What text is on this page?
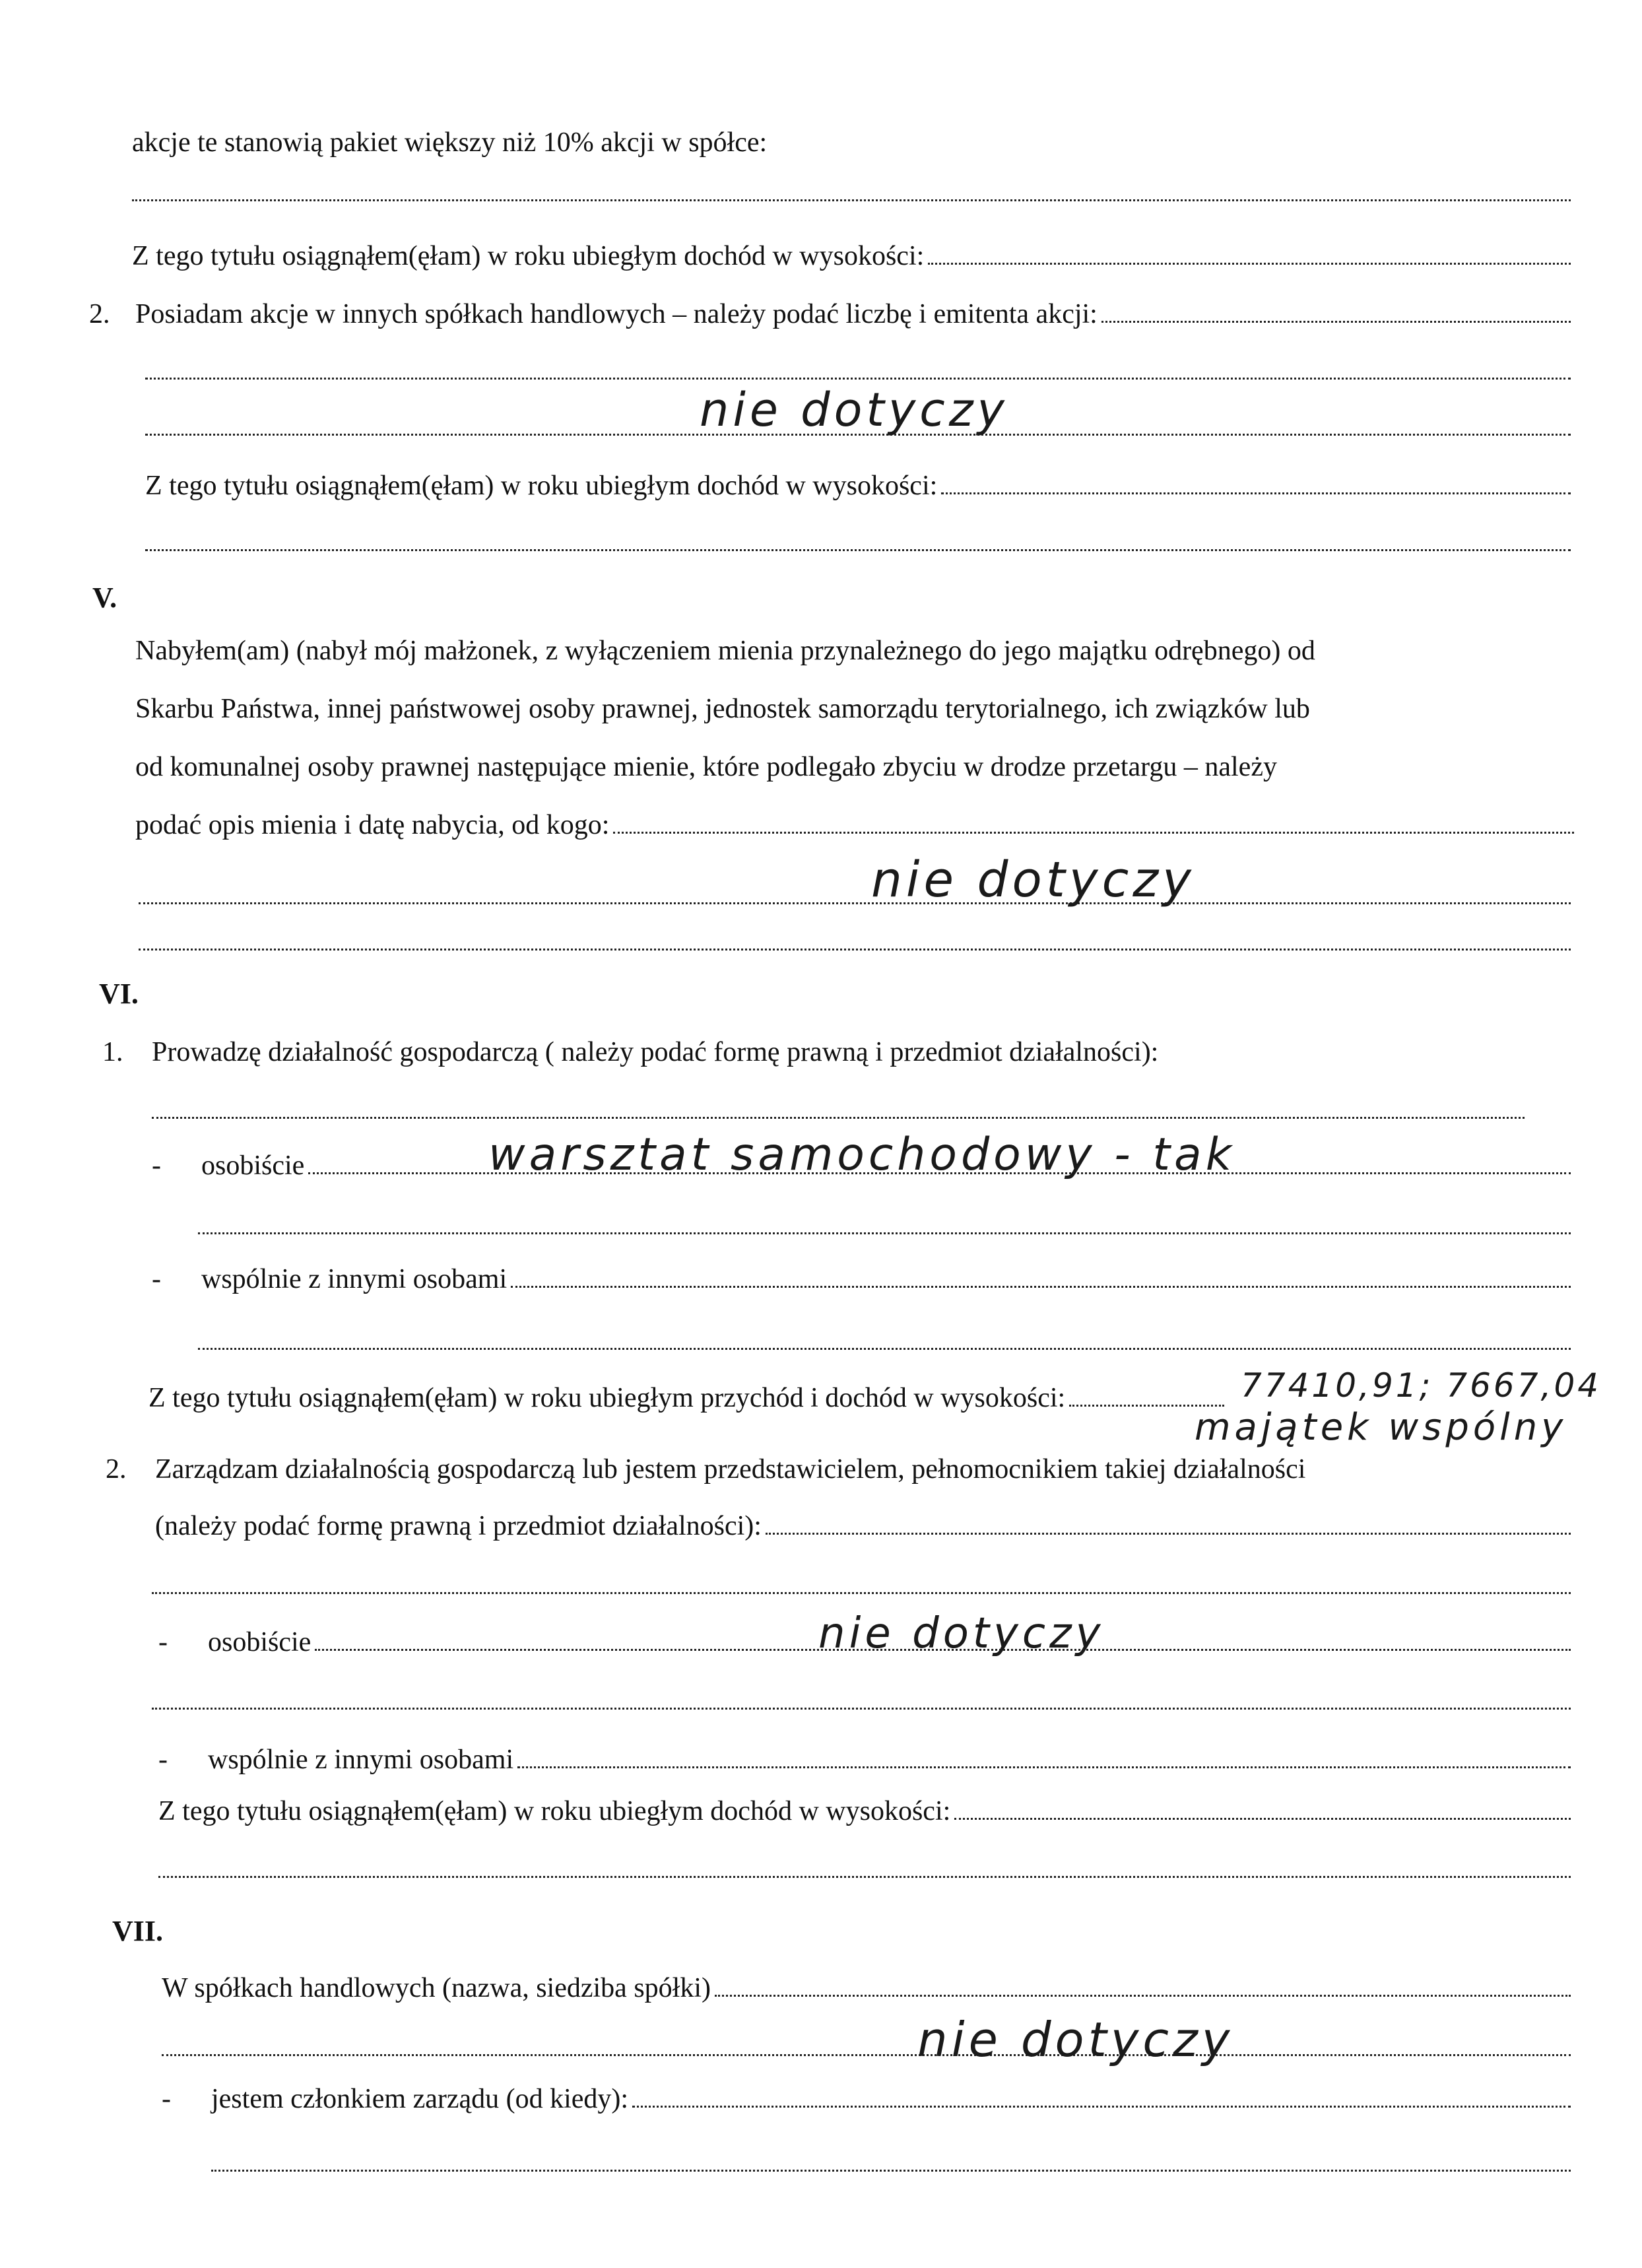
akcje te stanowią pakiet większy niż 10% akcji w spółce:
Z tego tytułu osiągnąłem(ęłam) w roku ubiegłym dochód w wysokości:
2. Posiadam akcje w innych spółkach handlowych – należy podać liczbę i emitenta akcji:
nie dotyczy
Z tego tytułu osiągnąłem(ęłam) w roku ubiegłym dochód w wysokości:
V.
Nabyłem(am) (nabył mój małżonek, z wyłączeniem mienia przynależnego do jego majątku odrębnego) od
Skarbu Państwa, innej państwowej osoby prawnej, jednostek samorządu terytorialnego, ich związków lub
od komunalnej osoby prawnej następujące mienie, które podlegało zbyciu w drodze przetargu – należy
podać opis mienia i datę nabycia, od kogo:
nie dotyczy
VI.
1. Prowadzę działalność gospodarczą ( należy podać formę prawną i przedmiot działalności):
- osobiście	warsztat samochodowy - tak
- wspólnie z innymi osobami
Z tego tytułu osiągnąłem(ęłam) w roku ubiegłym przychód i dochód w wysokości:	77410,91; 7667,04
majątek wspólny
2. Zarządzam działalnością gospodarczą lub jestem przedstawicielem, pełnomocnikiem takiej działalności
(należy podać formę prawną i przedmiot działalności):
- osobiście	nie dotyczy
- wspólnie z innymi osobami
Z tego tytułu osiągnąłem(ęłam) w roku ubiegłym dochód w wysokości:
VII.
W spółkach handlowych (nazwa, siedziba spółki)
nie dotyczy
- jestem członkiem zarządu (od kiedy):
